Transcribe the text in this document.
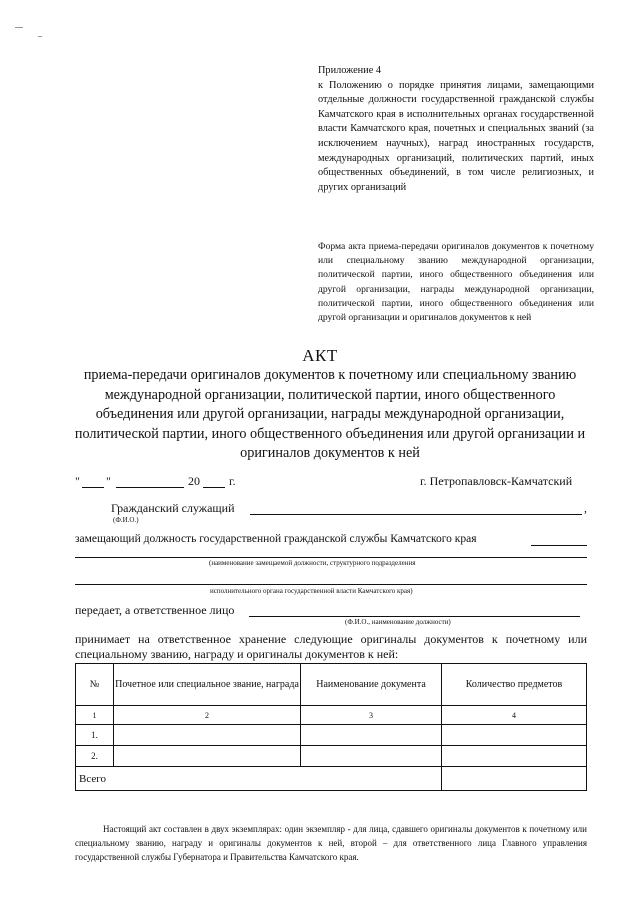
Приложение 4
к Положению о порядке принятия лицами, замещающими отдельные должности государственной гражданской службы Камчатского края в исполнительных органах государственной власти Камчатского края, почетных и специальных званий (за исключением научных), наград иностранных государств, международных организаций, политических партий, иных общественных объединений, в том числе религиозных, и других организаций
Форма акта приема-передачи оригиналов документов к почетному или специальному званию международной организации, политической партии, иного общественного объединения или другой организации, награды международной организации, политической партии, иного общественного объединения или другой организации и оригиналов документов к ней
АКТ
приема-передачи оригиналов документов к почетному или специальному званию международной организации, политической партии, иного общественного объединения или другой организации, награды международной организации, политической партии, иного общественного объединения или другой организации и оригиналов документов к ней
" "	20 г.	г. Петропавловск-Камчатский
Гражданский служащий	,
(Ф.И.О.)
замещающий должность государственной гражданской службы Камчатского края
(наименование замещаемой должности, структурного подразделения
исполнительного органа государственной власти Камчатского края)
передает, а ответственное лицо
(Ф.И.О., наименование должности)
принимает на ответственное хранение следующие оригиналы документов к почетному или специальному званию, награду и оригиналы документов к ней:
№	Почетное или специальное звание, награда	Наименование документа	Количество предметов
1	2	3	4
1.			
2.			
Всего			
Настоящий акт составлен в двух экземплярах: один экземпляр - для лица, сдавшего оригиналы документов к почетному или специальному званию, награду и оригиналы документов к ней, второй – для ответственного лица Главного управления государственной службы Губернатора и Правительства Камчатского края.
